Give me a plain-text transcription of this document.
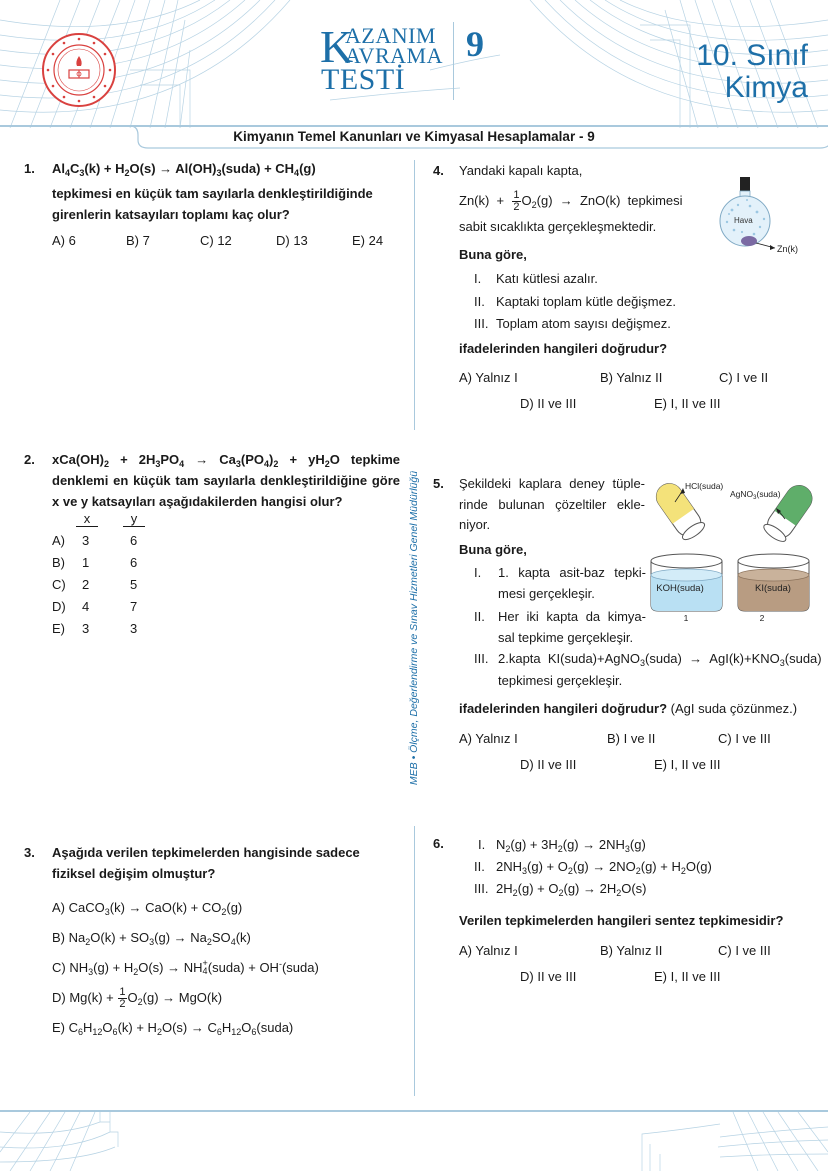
K
AZANIM
AVRAMA
TESTİ
9	10. Sınıf
Kimya
Kimyanın Temel Kanunları ve Kimyasal Hesaplamalar - 9
MEB • Ölçme, Değerlendirme ve Sınav Hizmetleri Genel Müdürlüğü
1. $Al_4C_3(k) + H_2O(s)$ → $Al(OH)_3(suda) + CH_4(g)$
tepkimesi en küçük tam sayılarla denkleştirildiğinde girenlerin katsayıları toplamı kaç olur?
A) 6	B) 7	C) 12	D) 13	E) 24
2. $xCa(OH)_2 + 2H_3PO_4 \to Ca_3(PO_4)_2 + yH_2O$ tepkime denklemi en küçük tam sayılarla denkleştirildiğine göre x ve y katsayıları aşağıdakilerden hangisi olur?
x	y
A) 3	6
B) 1	6
C) 2	5
D) 4	7
E) 3	3
3. Aşağıda verilen tepkimelerden hangisinde sadece fiziksel değişim olmuştur?
A) CaCO$_3$(k) → $CaO(k) + CO_2(g)$
B) $Na_2O(k) + SO_3(g) \to Na_2SO_4(k)$
C) $NH_3(g) + H_2O(s) \to NH+$
4(suda) + OH-(suda)
D) $Mg(k) + \frac{1}{2} O_2(g) \to MgO(k)$
E) $C_6H_{12}O_6(k) + H_2O(s)$ → $C_6H_{12}O_6(suda)$
4. Yandaki kapalı kapta,
$Zn(k) + \frac{1}{2} O_2(g) \to ZnO(k)$  tepkimesi
sabit sıcaklıkta gerçekleşmektedir.
Buna göre,
I. Katı kütlesi azalır.
II. Kaptaki toplam kütle değişmez.
III. Toplam atom sayısı değişmez.
ifadelerinden hangileri doğrudur?
A) Yalnız I	B) Yalnız II	C) I ve II
D) II ve III	E) I, II ve III
Hava
Zn(k)
5. Şekildeki kaplara deney tüple-
rinde bulunan çözeltiler ekle-
niyor.
Buna göre,
I.	1. kapta asit-baz tepki-
mesi gerçekleşir.
II.	Her iki kapta da kimya-
sal tepkime gerçekleşir.
III. 2.kapta  KI(suda)+AgNO$_3$(suda)  →  $AgI(k)+KNO_3(suda)$
tepkimesi gerçekleşir.
ifadelerinden hangileri doğrudur? (AgI suda çözünmez.)
A) Yalnız I	B) I ve II	C) I ve III
D) II ve III	E) I, II ve III
HCl(suda)
AgNO$_3$(suda)
KOH(suda)
1
KI(suda)
2
6.	I. $N_2(g) + 3H_2(g) \to 2NH_3(g)$
II. $2NH_3(g) + O_2(g) \to 2NO_2(g) + H_2O(g)$
III. $2H_2(g) + O_2(g) \to 2H_2O(s)$
Verilen tepkimelerden hangileri sentez tepkimesidir?
A) Yalnız I	B) Yalnız II	C) I ve III
D) II ve III	E) I, II ve III
